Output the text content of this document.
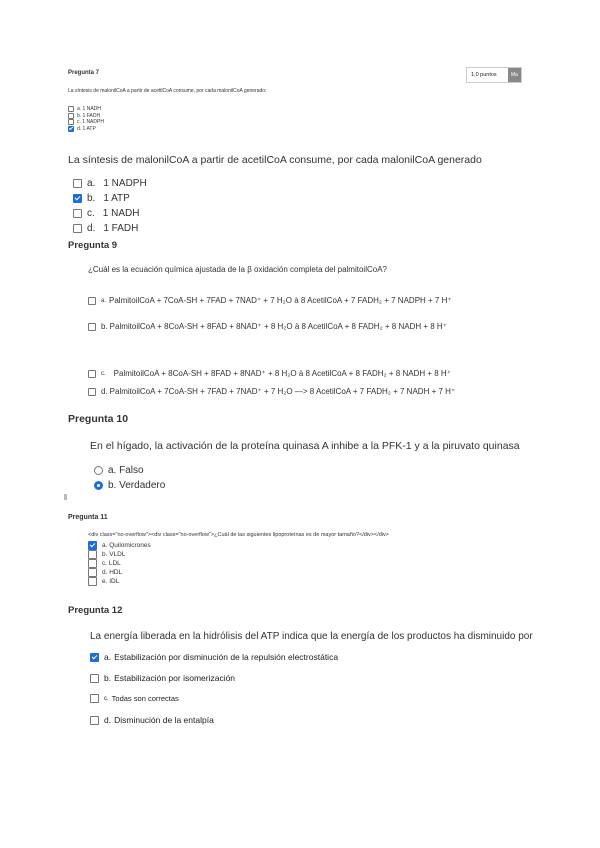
Pregunta 7	1,0 puntos	Ma
La síntesis de malonilCoA a partir de acetilCoA consume, por cada malonilCoA generado:
a. 1 NADH
b. 1 FADH
c. 1 NADPH
d. 1 ATP
La síntesis de malonilCoA a partir de acetilCoA consume, por cada malonilCoA generado
a. 1 NADPH
b. 1 ATP
c. 1 NADH
d. 1 FADH
Pregunta 9
¿Cuál es la ecuación química ajustada de la β oxidación completa del palmitoilCoA?
a. PalmitoilCoA + 7CoA-SH + 7FAD + 7NAD⁺ + 7 H₂O à 8 AcetilCoA + 7 FADH₂ + 7 NADPH + 7 H⁺
b. PalmitoilCoA + 8CoA-SH + 8FAD + 8NAD⁺ + 8 H₂O à 8 AcetilCoA + 8 FADH₂ + 8 NADH + 8 H⁺
c. PalmitoilCoA + 8CoA-SH + 8FAD + 8NAD⁺ + 8 H₂O à 8 AcetilCoA + 8 FADH₂ + 8 NADH + 8 H⁺
d. PalmitoilCoA + 7CoA-SH + 7FAD + 7NAD⁺ + 7 H₂O —> 8 AcetilCoA + 7 FADH₂ + 7 NADH + 7 H⁺
Pregunta 10
En el hígado, la activación de la proteína quinasa A inhibe a la PFK-1 y a la piruvato quinasa
a. Falso
b. Verdadero
Pregunta 11
<div class="no-overflow"><div class="no-overflow">¿Cuál de las siguientes lipoproteínas es de mayor tamaño?</div></div>
a. Quilomicrones
b. VLDL
c. LDL
d. HDL
e. IDL
Pregunta 12
La energía liberada en la hidrólisis del ATP indica que la energía de los productos ha disminuido por
a. Estabilización por disminución de la repulsión electrostática
b. Estabilización por isomerización
c. Todas son correctas
d. Disminución de la entalpía
